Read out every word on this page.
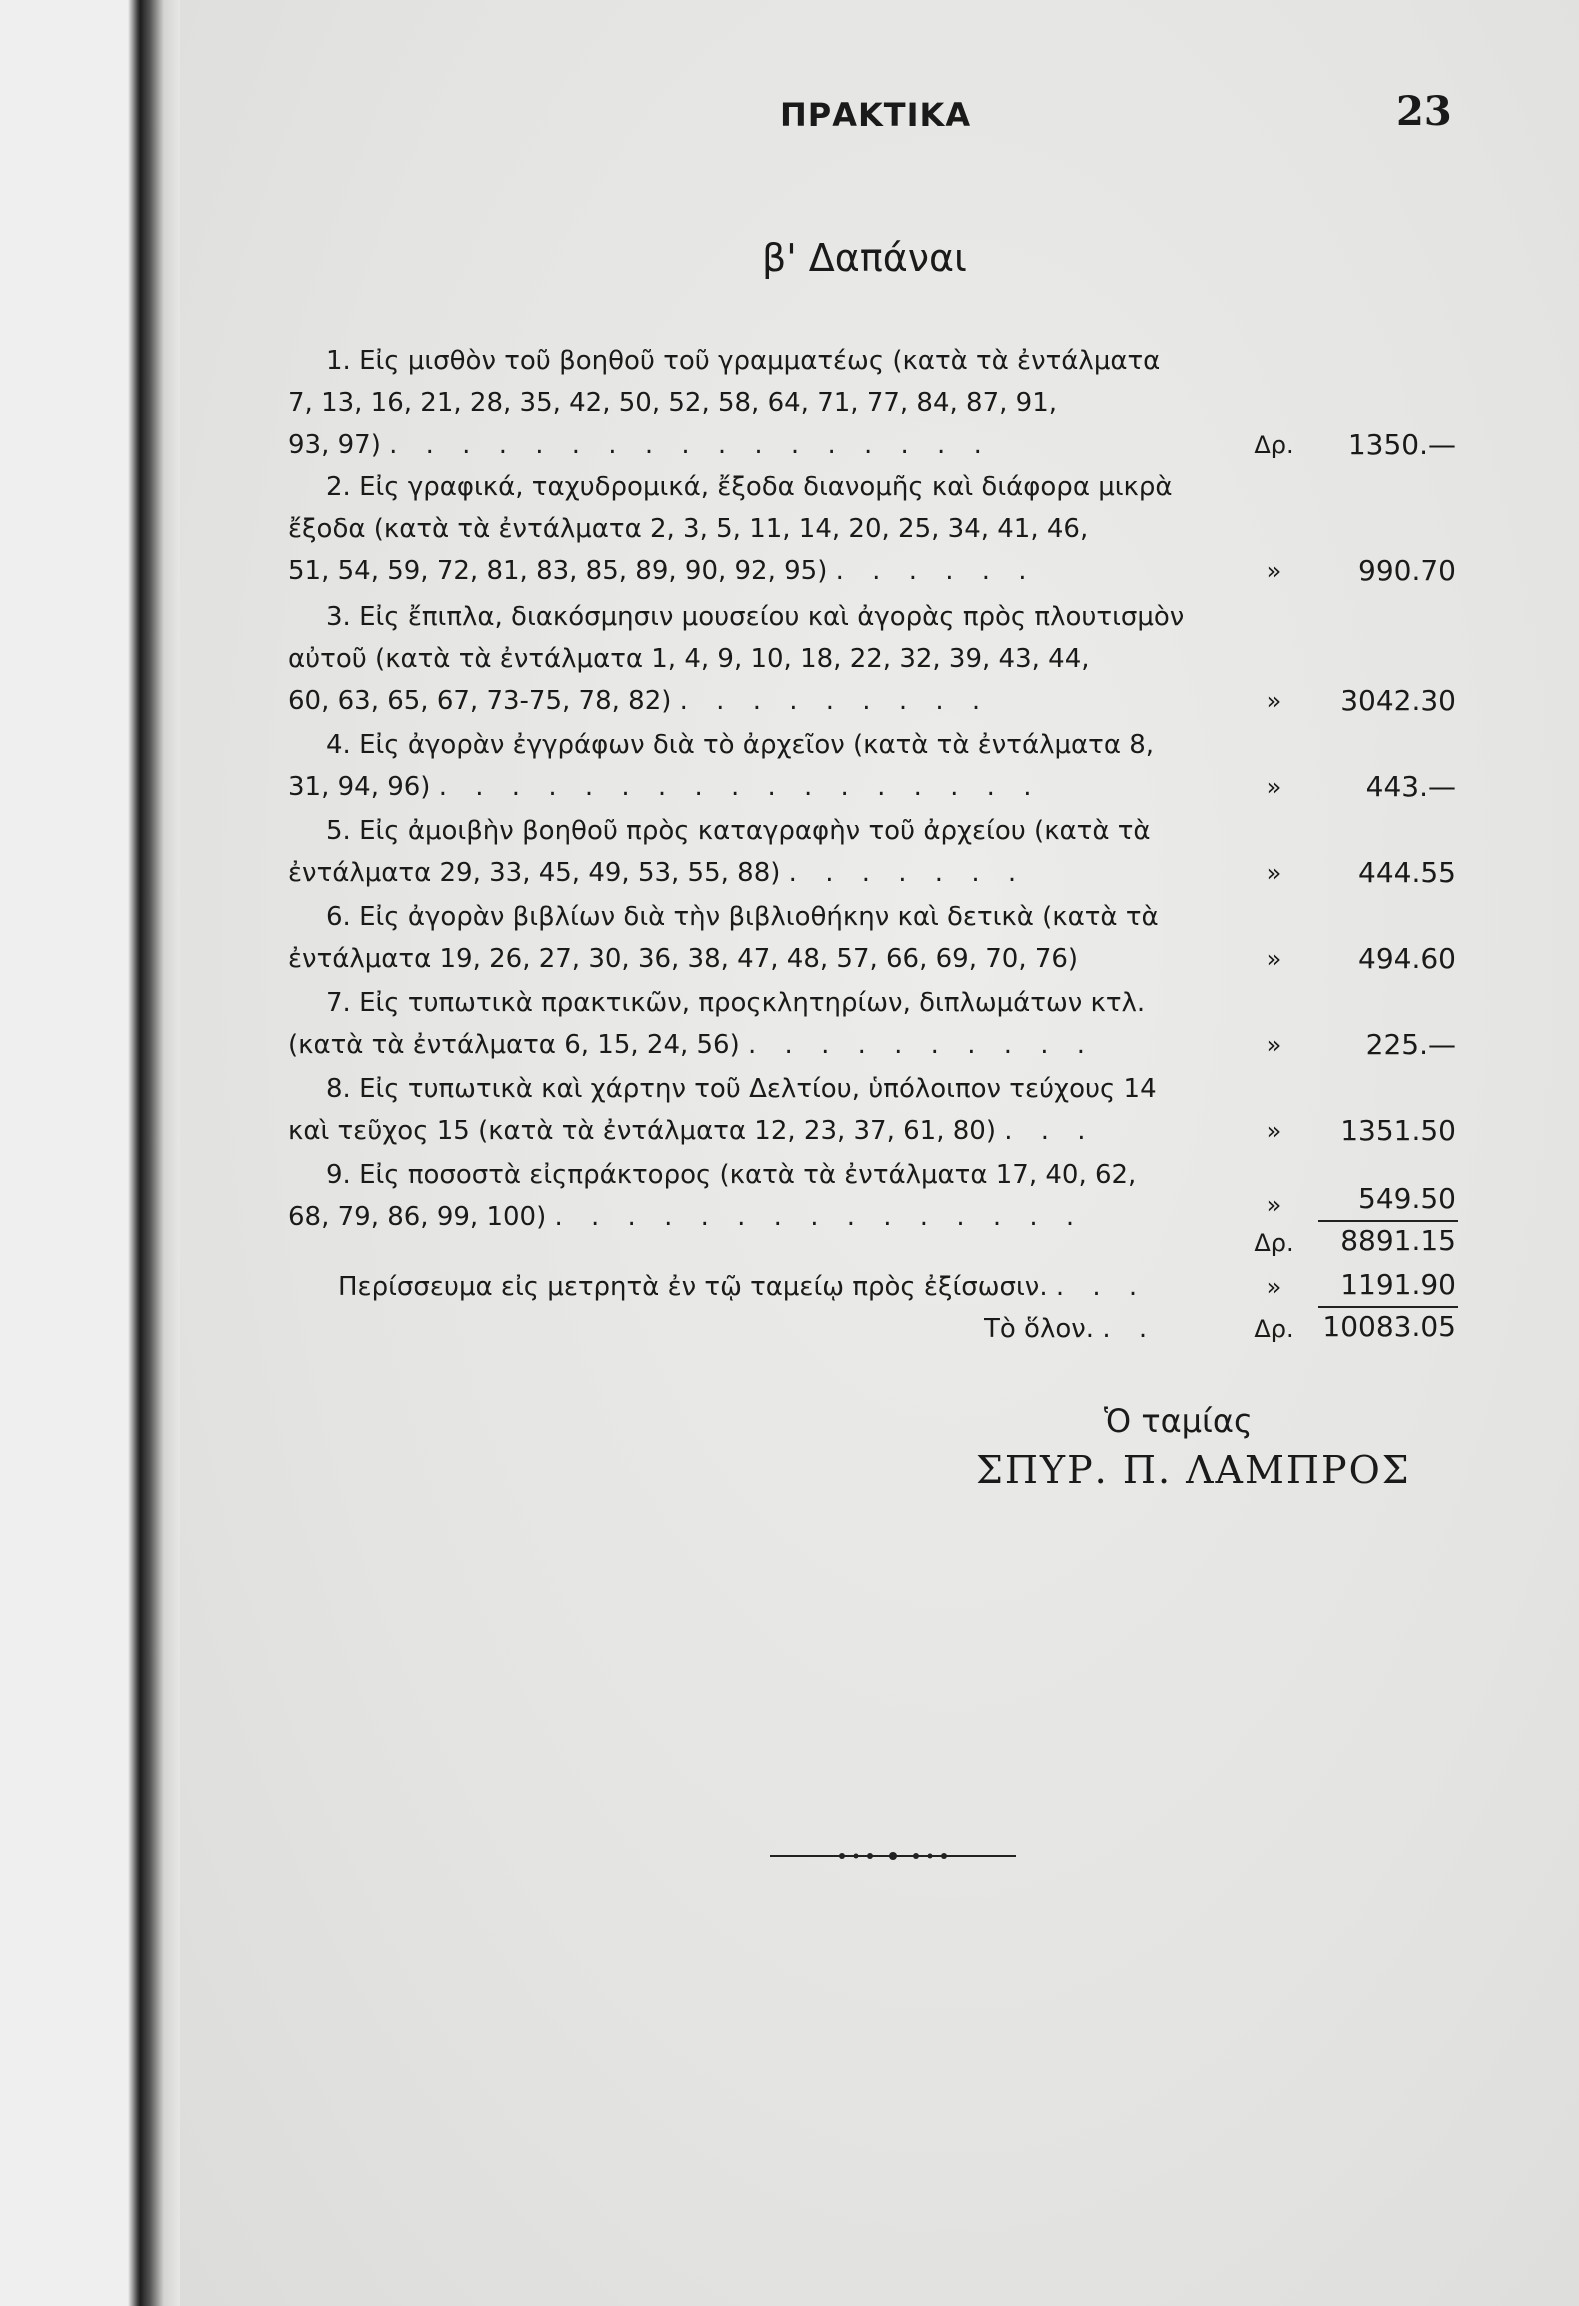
ΠΡΑΚΤΙΚΑ	23
β' Δαπάναι
1. Εἰς μισθὸν τοῦ βοηθοῦ τοῦ γραμματέως (κατὰ τὰ ἐντάλματα
7, 13, 16, 21, 28, 35, 42, 50, 52, 58, 64, 71, 77, 84, 87, 91,
93, 97) . . . . . . . . . . . . . . . . .	Δρ.	1350.—
2. Εἰς γραφικά, ταχυδρομικά, ἔξοδα διανομῆς καὶ διάφορα μικρὰ
ἔξοδα (κατὰ τὰ ἐντάλματα 2, 3, 5, 11, 14, 20, 25, 34, 41, 46,
51, 54, 59, 72, 81, 83, 85, 89, 90, 92, 95) . . . . . .	»	990.70
3. Εἰς ἔπιπλα, διακόσμησιν μουσείου καὶ ἀγορὰς πρὸς πλουτισμὸν
αὐτοῦ (κατὰ τὰ ἐντάλματα 1, 4, 9, 10, 18, 22, 32, 39, 43, 44,
60, 63, 65, 67, 73-75, 78, 82) . . . . . . . . .	»	3042.30
4. Εἰς ἀγορὰν ἐγγράφων διὰ τὸ ἀρχεῖον (κατὰ τὰ ἐντάλματα 8,
31, 94, 96) . . . . . . . . . . . . . . . . .	»	443.—
5. Εἰς ἀμοιβὴν βοηθοῦ πρὸς καταγραφὴν τοῦ ἀρχείου (κατὰ τὰ
ἐντάλματα 29, 33, 45, 49, 53, 55, 88) . . . . . . .	»	444.55
6. Εἰς ἀγορὰν βιβλίων διὰ τὴν βιβλιοθήκην καὶ δετικὰ (κατὰ τὰ
ἐντάλματα 19, 26, 27, 30, 36, 38, 47, 48, 57, 66, 69, 70, 76)	»	494.60
7. Εἰς τυπωτικὰ πρακτικῶν, προςκλητηρίων, διπλωμάτων κτλ.
(κατὰ τὰ ἐντάλματα 6, 15, 24, 56) . . . . . . . . . .	»	225.—
8. Εἰς τυπωτικὰ καὶ χάρτην τοῦ Δελτίου, ὑπόλοιπον τεύχους 14
καὶ τεῦχος 15 (κατὰ τὰ ἐντάλματα 12, 23, 37, 61, 80) . . .	»	1351.50
9. Εἰς ποσοστὰ εἰςπράκτορος (κατὰ τὰ ἐντάλματα 17, 40, 62,
68, 79, 86, 99, 100) . . . . . . . . . . . . . . .	»	549.50
Δρ.	8891.15
Περίσσευμα εἰς μετρητὰ ἐν τῷ ταμείῳ πρὸς ἐξίσωσιν. . . .	»	1191.90
Τὸ ὅλον. . .	Δρ.	10083.05
Ὁ ταμίας
ΣΠΥΡ. Π. ΛΑΜΠΡΟΣ
